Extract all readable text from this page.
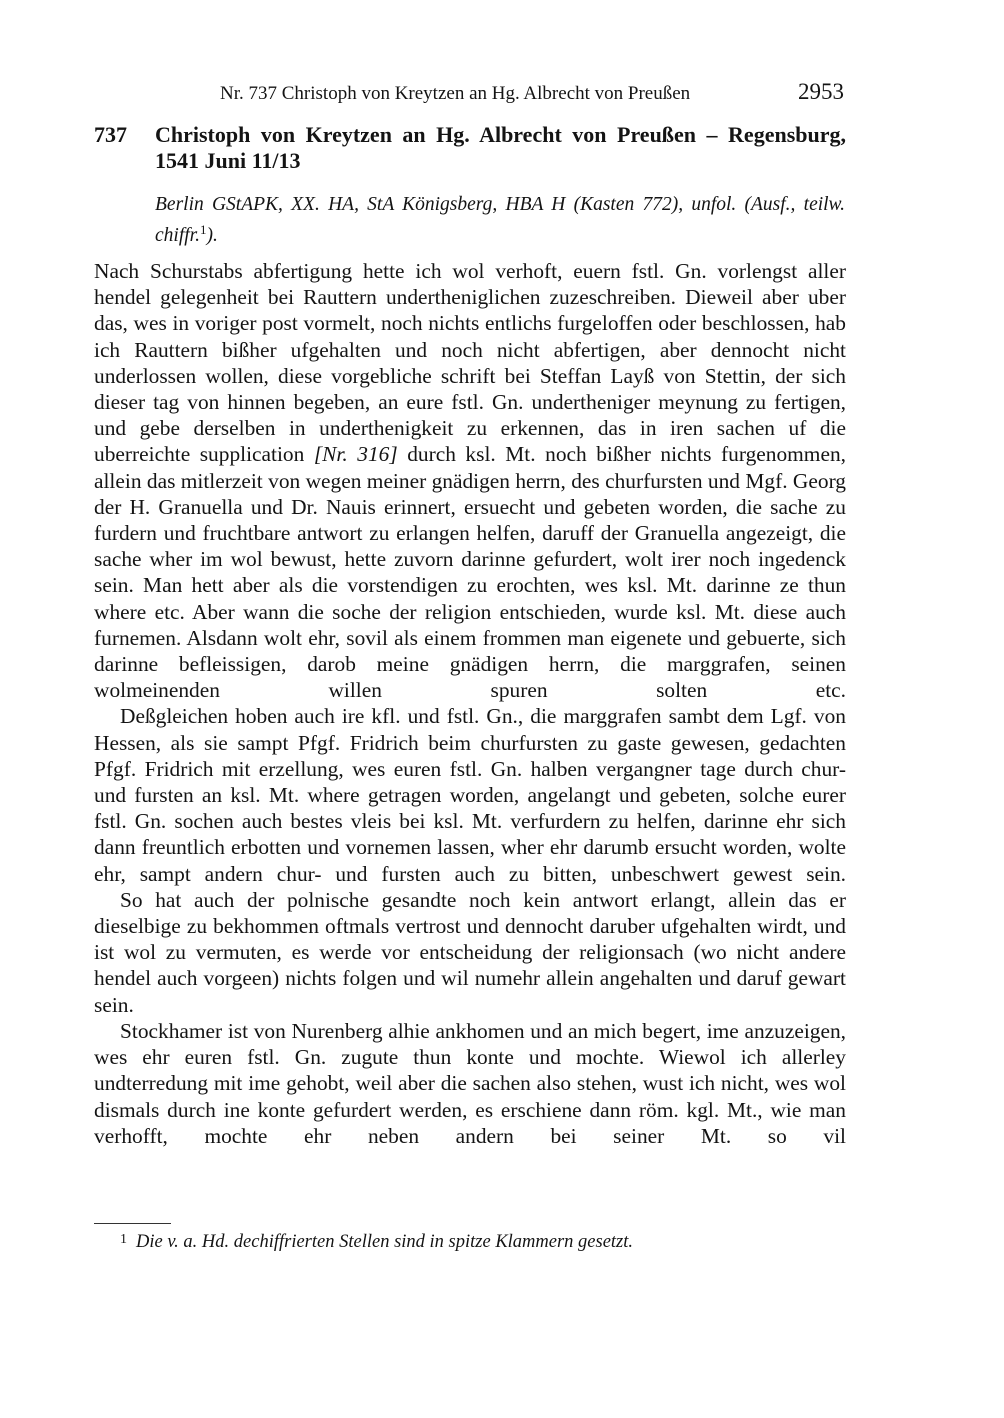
Nr. 737 Christoph von Kreytzen an Hg. Albrecht von Preußen	2953
737 Christoph von Kreytzen an Hg. Albrecht von Preußen – Regensburg, 1541 Juni 11/13
Berlin GStAPK, XX. HA, StA Königsberg, HBA H (Kasten 772), unfol. (Ausf., teilw. chiffr.$^1$).

Nach Schurstabs abfertigung hette ich wol verhoft, euern fstl. Gn. vorlengst aller hendel gelegenheit bei Rauttern undertheniglichen zuzeschreiben. Dieweil aber uber das, wes in voriger post vormelt, noch nichts entlichs furgeloffen oder beschlossen, hab ich Rauttern bißher ufgehalten und noch nicht abfertigen, aber dennocht nicht underlossen wollen, diese vorgebliche schrift bei Steffan Layß von Stettin, der sich dieser tag von hinnen begeben, an eure fstl. Gn. undertheniger meynung zu fertigen, und gebe derselben in underthenigkeit zu erkennen, das in iren sachen uf die uberreichte supplication [Nr. 316] durch ksl. Mt. noch bißher nichts furgenommen, allein das mitlerzeit von wegen meiner gnädigen herrn, des churfursten und Mgf. Georg der H. Granuella und Dr. Nauis erinnert, ersuecht und gebeten worden, die sache zu furdern und fruchtbare antwort zu erlangen helfen, daruff der Granuella angezeigt, die sache wher im wol bewust, hette zuvorn darinne gefurdert, wolt irer noch ingedenck sein. Man hett aber als die vorstendigen zu erochten, wes ksl. Mt. darinne ze thun where etc. Aber wann die soche der religion entschieden, wurde ksl. Mt. diese auch furnemen. Alsdann wolt ehr, sovil als einem frommen man eigenete und gebuerte, sich darinne befleissigen, darob meine gnädigen herrn, die marggrafen, seinen wolmeinenden willen spuren solten etc.

Deßgleichen hoben auch ire kfl. und fstl. Gn., die marggrafen sambt dem Lgf. von Hessen, als sie sampt Pfgf. Fridrich beim churfursten zu gaste gewesen, gedachten Pfgf. Fridrich mit erzellung, wes euren fstl. Gn. halben vergangner tage durch chur- und fursten an ksl. Mt. where getragen worden, angelangt und gebeten, solche eurer fstl. Gn. sochen auch bestes vleis bei ksl. Mt. verfurdern zu helfen, darinne ehr sich dann freuntlich erbotten und vornemen lassen, wher ehr darumb ersucht worden, wolte ehr, sampt andern chur- und fursten auch zu bitten, unbeschwert gewest sein.

So hat auch der polnische gesandte noch kein antwort erlangt, allein das er dieselbige zu bekhommen oftmals vertrost und dennocht daruber ufgehalten wirdt, und ist wol zu vermuten, es werde vor entscheidung der religionsach (wo nicht andere hendel auch vorgeen) nichts folgen und wil numehr allein angehalten und daruf gewart sein.

Stockhamer ist von Nurenberg alhie ankhomen und an mich begert, ime anzuzeigen, wes ehr euren fstl. Gn. zugute thun konte und mochte. Wiewol ich allerley undterredung mit ime gehobt, weil aber die sachen also stehen, wust ich nicht, wes wol dismals durch ine konte gefurdert werden, es erschiene dann röm. kgl. Mt., wie man verhofft, mochte ehr neben andern bei seiner Mt. so vil

$^1$ Die v. a. Hd. dechiffrierten Stellen sind in spitze Klammern gesetzt.
